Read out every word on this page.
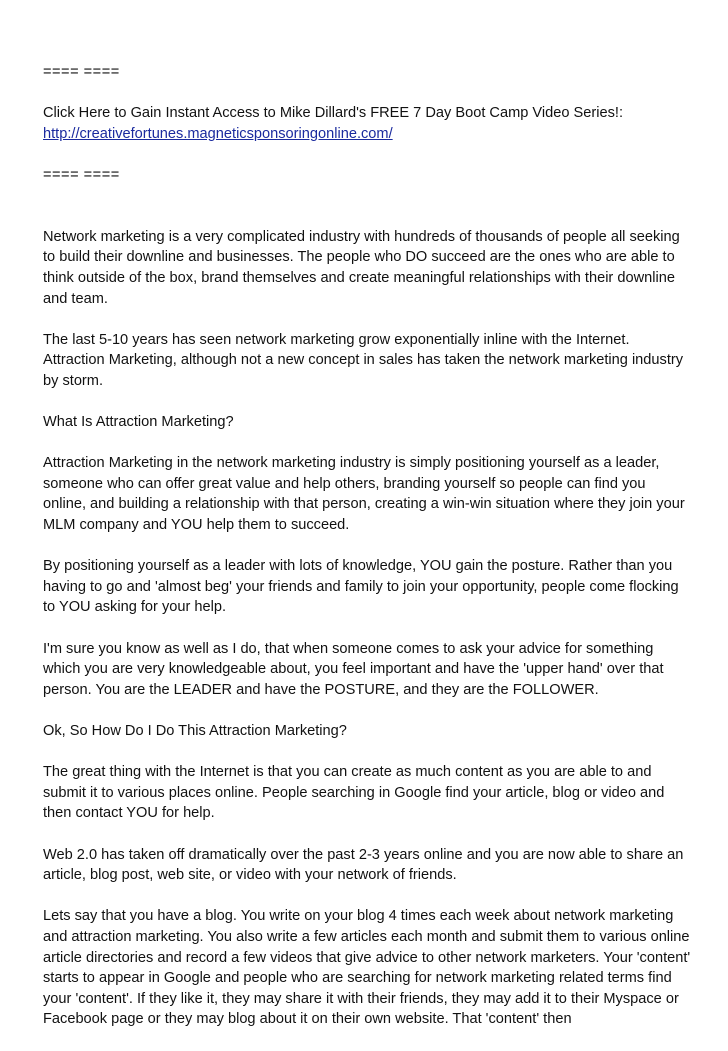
==== ====

Click Here to Gain Instant Access to Mike Dillard's FREE 7 Day Boot Camp Video Series!:
http://creativefortunes.magneticsponsoringonline.com/

==== ====

Network marketing is a very complicated industry with hundreds of thousands of people all seeking to build their downline and businesses. The people who DO succeed are the ones who are able to think outside of the box, brand themselves and create meaningful relationships with their downline and team.

The last 5-10 years has seen network marketing grow exponentially inline with the Internet. Attraction Marketing, although not a new concept in sales has taken the network marketing industry by storm.

What Is Attraction Marketing?

Attraction Marketing in the network marketing industry is simply positioning yourself as a leader, someone who can offer great value and help others, branding yourself so people can find you online, and building a relationship with that person, creating a win-win situation where they join your MLM company and YOU help them to succeed.

By positioning yourself as a leader with lots of knowledge, YOU gain the posture. Rather than you having to go and 'almost beg' your friends and family to join your opportunity, people come flocking to YOU asking for your help.

I'm sure you know as well as I do, that when someone comes to ask your advice for something which you are very knowledgeable about, you feel important and have the 'upper hand' over that person. You are the LEADER and have the POSTURE, and they are the FOLLOWER.

Ok, So How Do I Do This Attraction Marketing?

The great thing with the Internet is that you can create as much content as you are able to and submit it to various places online. People searching in Google find your article, blog or video and then contact YOU for help.

Web 2.0 has taken off dramatically over the past 2-3 years online and you are now able to share an article, blog post, web site, or video with your network of friends.

Lets say that you have a blog. You write on your blog 4 times each week about network marketing and attraction marketing. You also write a few articles each month and submit them to various online article directories and record a few videos that give advice to other network marketers. Your 'content' starts to appear in Google and people who are searching for network marketing related terms find your 'content'. If they like it, they may share it with their friends, they may add it to their Myspace or Facebook page or they may blog about it on their own website. That 'content' then
